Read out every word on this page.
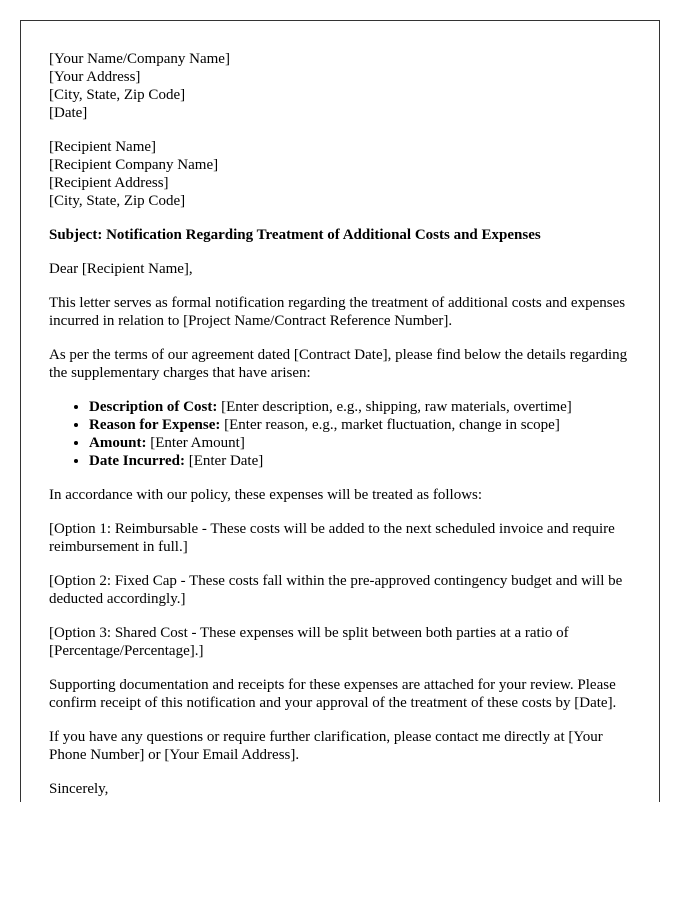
[Your Name/Company Name]
[Your Address]
[City, State, Zip Code]
[Date]
[Recipient Name]
[Recipient Company Name]
[Recipient Address]
[City, State, Zip Code]

Subject: Notification Regarding Treatment of Additional Costs and Expenses

Dear [Recipient Name],

This letter serves as formal notification regarding the treatment of additional costs and expenses incurred in relation to [Project Name/Contract Reference Number].

As per the terms of our agreement dated [Contract Date], please find below the details regarding the supplementary charges that have arisen:

• Description of Cost: [Enter description, e.g., shipping, raw materials, overtime]
• Reason for Expense: [Enter reason, e.g., market fluctuation, change in scope]
• Amount: [Enter Amount]
• Date Incurred: [Enter Date]

In accordance with our policy, these expenses will be treated as follows:

[Option 1: Reimbursable - These costs will be added to the next scheduled invoice and require reimbursement in full.]

[Option 2: Fixed Cap - These costs fall within the pre-approved contingency budget and will be deducted accordingly.]

[Option 3: Shared Cost - These expenses will be split between both parties at a ratio of [Percentage/Percentage].]

Supporting documentation and receipts for these expenses are attached for your review. Please confirm receipt of this notification and your approval of the treatment of these costs by [Date].

If you have any questions or require further clarification, please contact me directly at [Your Phone Number] or [Your Email Address].

Sincerely,
